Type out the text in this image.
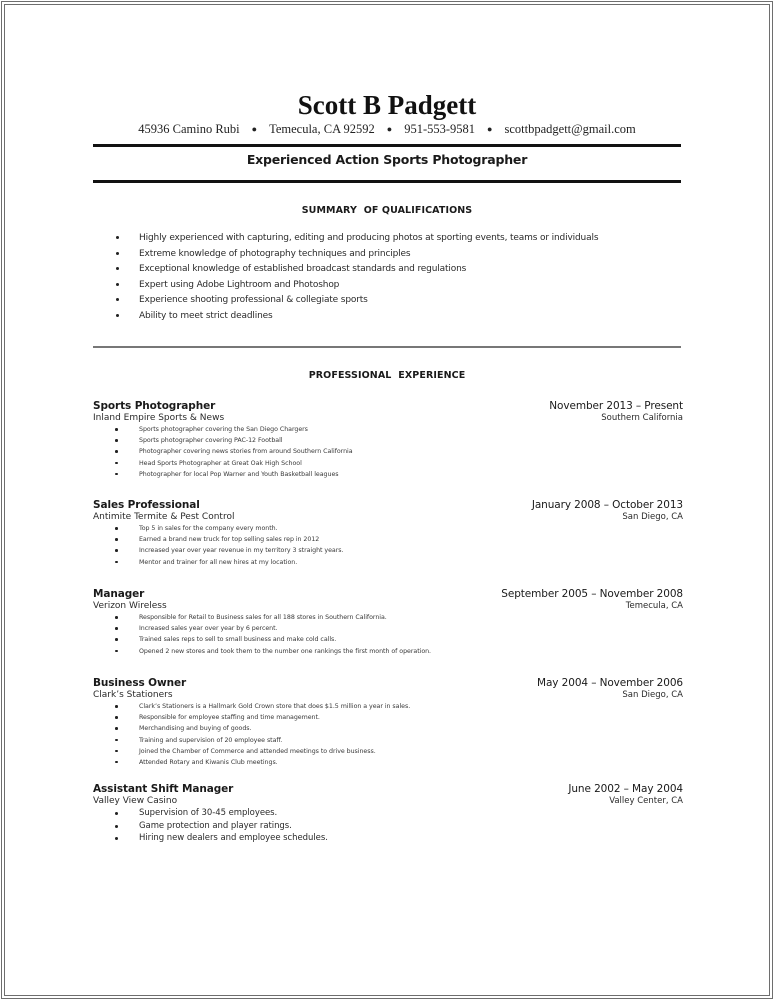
Scott B Padgett
45936 Camino Rubi ● Temecula, CA 92592 ● 951-553-9581 ● scottbpadgett@gmail.com
Experienced Action Sports Photographer
SUMMARY  OF QUALIFICATIONS
Highly experienced with capturing, editing and producing photos at sporting events, teams or individuals
Extreme knowledge of photography techniques and principles
Exceptional knowledge of established broadcast standards and regulations
Expert using Adobe Lightroom and Photoshop
Experience shooting professional & collegiate sports
Ability to meet strict deadlines
PROFESSIONAL  EXPERIENCE
Sports Photographer	November 2013 – Present
Inland Empire Sports & News	Southern California
Sports photographer covering the San Diego Chargers
Sports photographer covering PAC-12 Football
Photographer covering news stories from around Southern California
Head Sports Photographer at Great Oak High School
Photographer for local Pop Warner and Youth Basketball leagues
Sales Professional	January 2008 – October 2013
Antimite Termite & Pest Control	San Diego, CA
Top 5 in sales for the company every month.
Earned a brand new truck for top selling sales rep in 2012
Increased year over year revenue in my territory 3 straight years.
Mentor and trainer for all new hires at my location.
Manager	September 2005 – November 2008
Verizon Wireless	Temecula, CA
Responsible for Retail to Business sales for all 188 stores in Southern California.
Increased sales year over year by 6 percent.
Trained sales reps to sell to small business and make cold calls.
Opened 2 new stores and took them to the number one rankings the first month of operation.
Business Owner	May 2004 – November 2006
Clark’s Stationers	San Diego, CA
Clark’s Stationers is a Hallmark Gold Crown store that does $1.5 million a year in sales.
Responsible for employee staffing and time management.
Merchandising and buying of goods.
Training and supervision of 20 employee staff.
Joined the Chamber of Commerce and attended meetings to drive business.
Attended Rotary and Kiwanis Club meetings.
Assistant Shift Manager	June 2002 – May 2004
Valley View Casino	Valley Center, CA
Supervision of 30-45 employees.
Game protection and player ratings.
Hiring new dealers and employee schedules.
